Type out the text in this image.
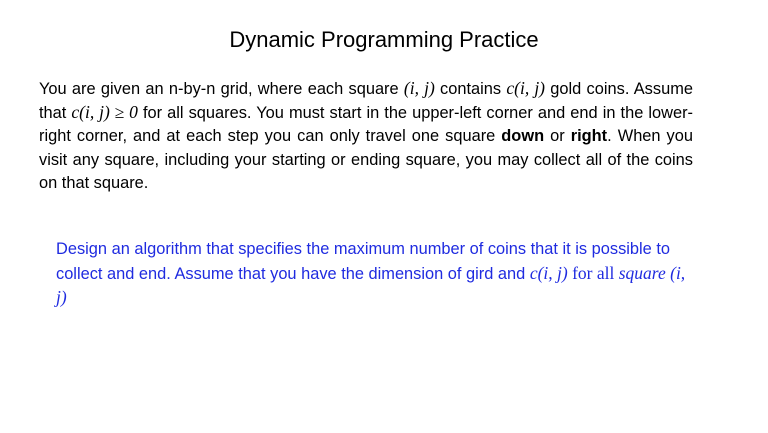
Dynamic Programming Practice
You are given an n-by-n grid, where each square (i, j) contains c(i, j) gold coins. Assume that c(i, j) ≥ 0 for all squares. You must start in the upper-left corner and end in the lower-right corner, and at each step you can only travel one square down or right. When you visit any square, including your starting or ending square, you may collect all of the coins on that square.
Design an algorithm that specifies the maximum number of coins that it is possible to collect and end. Assume that you have the dimension of gird and c(i, j) for all square (i, j)
